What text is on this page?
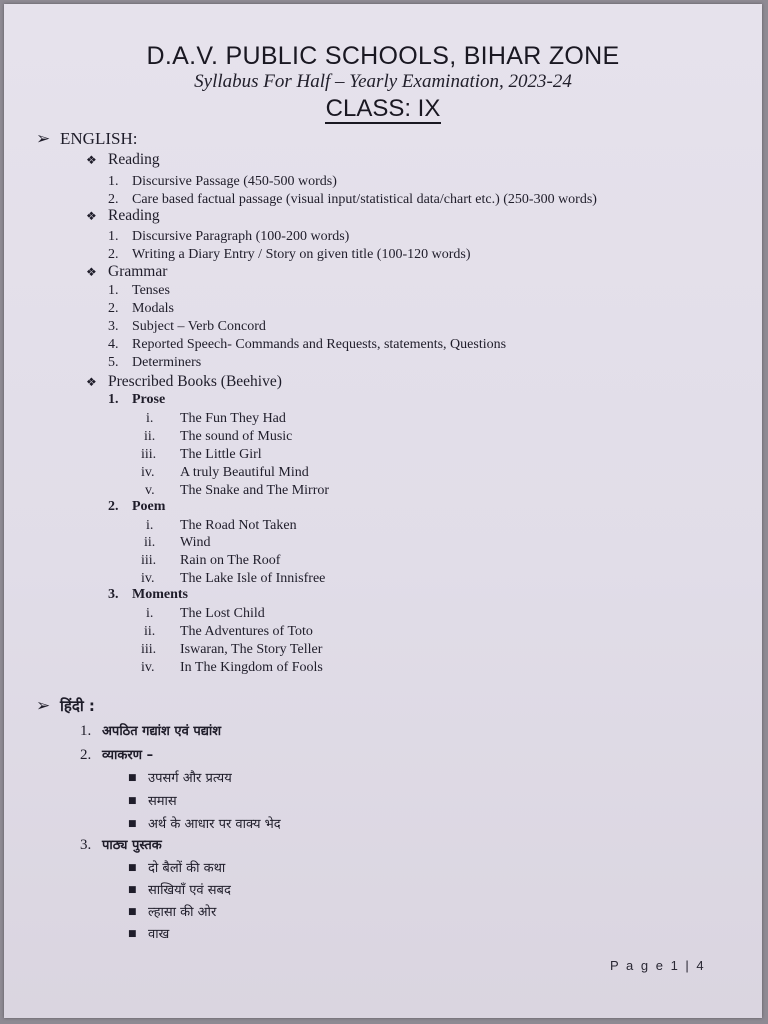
D.A.V. PUBLIC SCHOOLS, BIHAR ZONE
Syllabus For Half – Yearly Examination, 2023-24
CLASS: IX
➢ ENGLISH:
❖ Reading
1. Discursive Passage (450-500 words)
2. Care based factual passage (visual input/statistical data/chart etc.) (250-300 words)
❖ Reading
1. Discursive Paragraph (100-200 words)
2. Writing a Diary Entry / Story on given title (100-120 words)
❖ Grammar
1. Tenses
2. Modals
3. Subject – Verb Concord
4. Reported Speech- Commands and Requests, statements, Questions
5. Determiners
❖ Prescribed Books (Beehive)
1. Prose
i. The Fun They Had
ii. The sound of Music
iii. The Little Girl
iv. A truly Beautiful Mind
v. The Snake and The Mirror
2. Poem
i. The Road Not Taken
ii. Wind
iii. Rain on The Roof
iv. The Lake Isle of Innisfree
3. Moments
i. The Lost Child
ii. The Adventures of Toto
iii. Iswaran, The Story Teller
iv. In The Kingdom of Fools
➢ हिंदी :
1. अपठित गद्यांश एवं पद्यांश
2. व्याकरण –
■ उपसर्ग और प्रत्यय
■ समास
■ अर्थ के आधार पर वाक्य भेद
3. पाठ्य पुस्तक
■ दो बैलों की कथा
■ साखियाँ एवं सबद
■ ल्हासा की ओर
■ वाख
P a g e 1 | 4
